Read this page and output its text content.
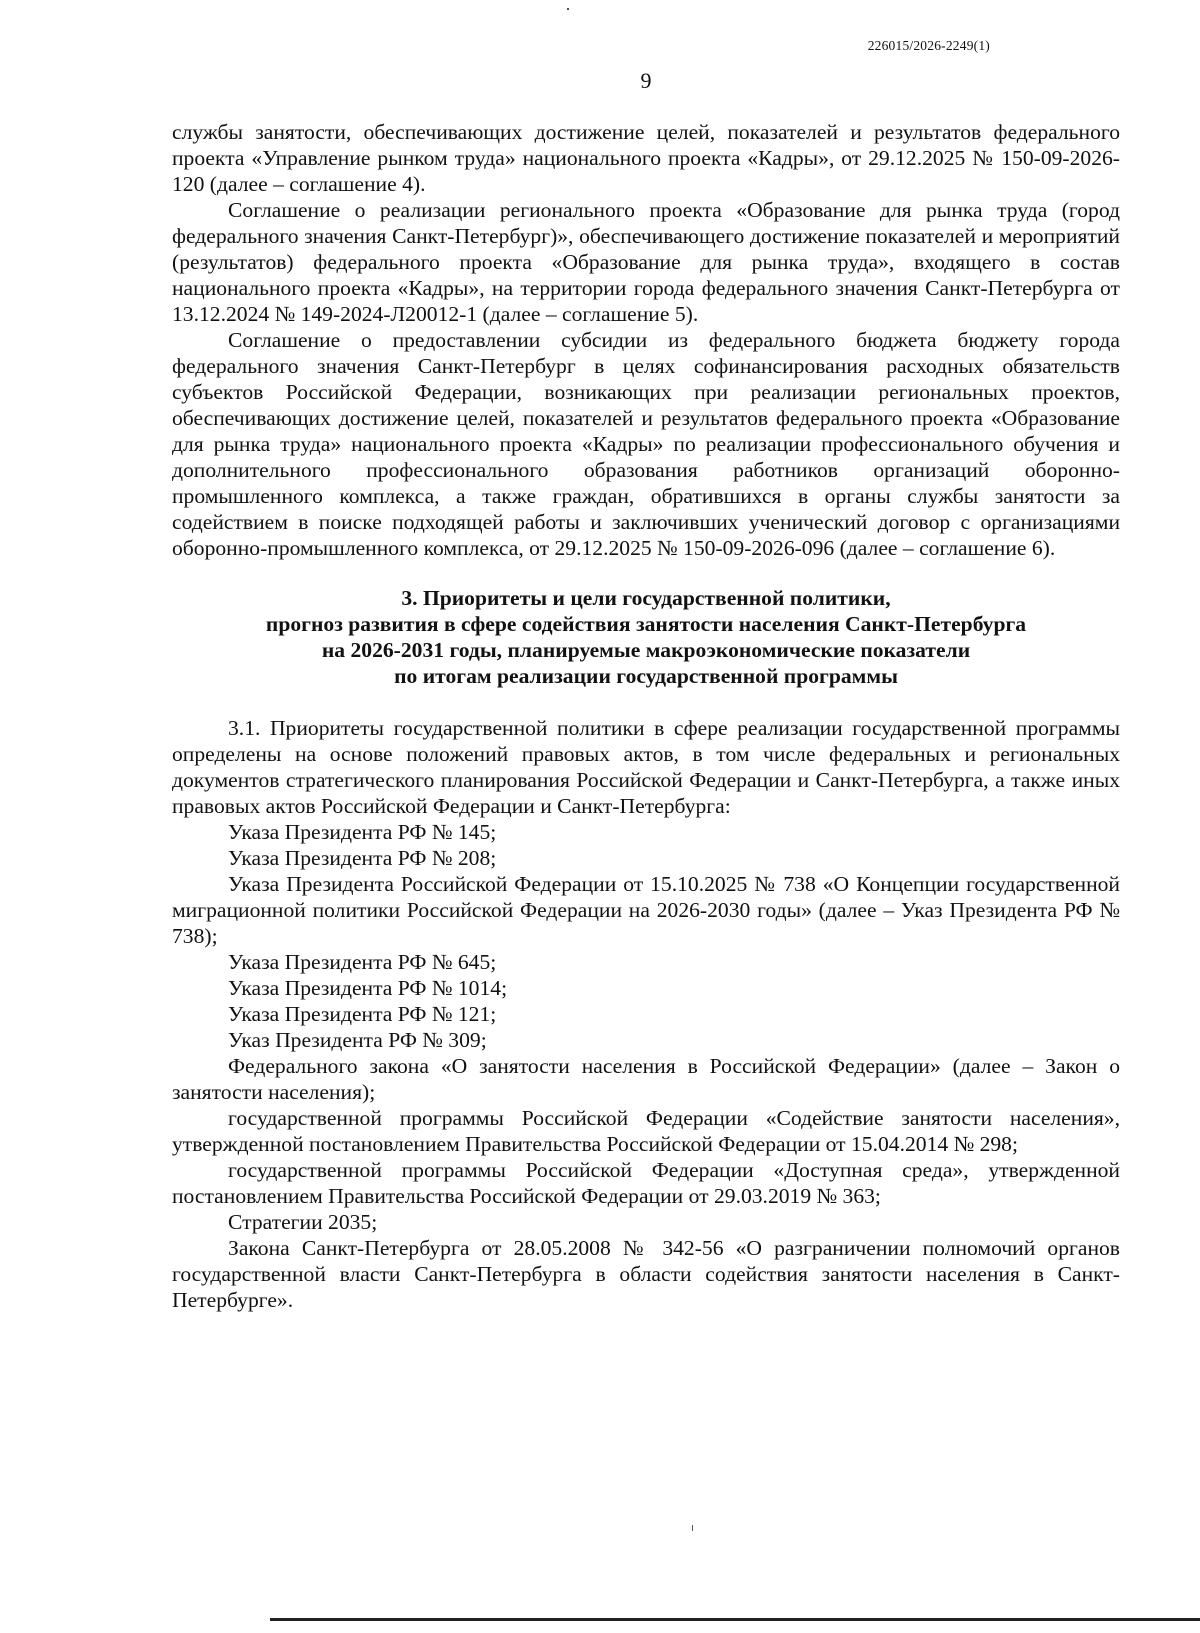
226015/2026-2249(1)
9

службы занятости, обеспечивающих достижение целей, показателей и результатов федерального проекта «Управление рынком труда» национального проекта «Кадры», от 29.12.2025 № 150-09-2026-120 (далее – соглашение 4).

Соглашение о реализации регионального проекта «Образование для рынка труда (город федерального значения Санкт-Петербург)», обеспечивающего достижение показателей и мероприятий (результатов) федерального проекта «Образование для рынка труда», входящего в состав национального проекта «Кадры», на территории города федерального значения Санкт-Петербурга от 13.12.2024 № 149-2024-Л20012-1 (далее – соглашение 5).

Соглашение о предоставлении субсидии из федерального бюджета бюджету города федерального значения Санкт-Петербург в целях софинансирования расходных обязательств субъектов Российской Федерации, возникающих при реализации региональных проектов, обеспечивающих достижение целей, показателей и результатов федерального проекта «Образование для рынка труда» национального проекта «Кадры» по реализации профессионального обучения и дополнительного профессионального образования работников организаций оборонно-промышленного комплекса, а также граждан, обратившихся в органы службы занятости за содействием в поиске подходящей работы и заключивших ученический договор с организациями оборонно-промышленного комплекса, от 29.12.2025 № 150-09-2026-096 (далее – соглашение 6).

3. Приоритеты и цели государственной политики,
прогноз развития в сфере содействия занятости населения Санкт-Петербурга
на 2026-2031 годы, планируемые макроэкономические показатели
по итогам реализации государственной программы

3.1. Приоритеты государственной политики в сфере реализации государственной программы определены на основе положений правовых актов, в том числе федеральных и региональных документов стратегического планирования Российской Федерации и Санкт-Петербурга, а также иных правовых актов Российской Федерации и Санкт-Петербурга:

Указа Президента РФ № 145;

Указа Президента РФ № 208;

Указа Президента Российской Федерации от 15.10.2025 № 738 «О Концепции государственной миграционной политики Российской Федерации на 2026-2030 годы» (далее – Указ Президента РФ № 738);

Указа Президента РФ № 645;

Указа Президента РФ № 1014;

Указа Президента РФ № 121;

Указ Президента РФ № 309;

Федерального закона «О занятости населения в Российской Федерации» (далее – Закон о занятости населения);

государственной программы Российской Федерации «Содействие занятости населения», утвержденной постановлением Правительства Российской Федерации от 15.04.2014 № 298;

государственной программы Российской Федерации «Доступная среда», утвержденной постановлением Правительства Российской Федерации от 29.03.2019 № 363;

Стратегии 2035;

Закона Санкт-Петербурга от 28.05.2008 № 342-56 «О разграничении полномочий органов государственной власти Санкт-Петербурга в области содействия занятости населения в Санкт-Петербурге».
